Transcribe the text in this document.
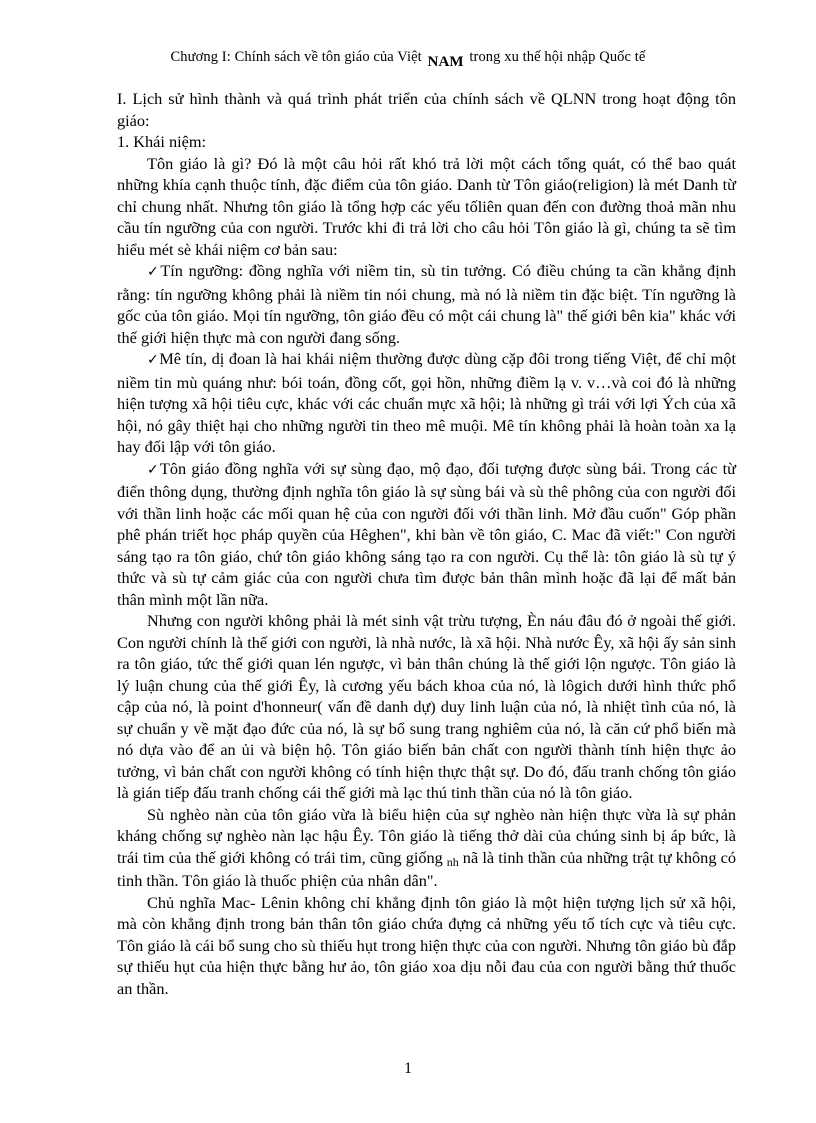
Chương I: Chính sách về tôn giáo của Việt NAM trong xu thế hội nhập Quốc tế

I. Lịch sử hình thành và quá trình phát triển của chính sách về QLNN trong hoạt động tôn giáo:

1. Khái niệm:

Tôn giáo là gì? Đó là một câu hỏi rất khó trả lời một cách tổng quát, có thể bao quát những khía cạnh thuộc tính, đặc điểm của tôn giáo. Danh từ Tôn giáo(religion) là mét Danh từ chỉ chung nhất. Nhưng tôn giáo là tổng hợp các yếu tốliên quan đến con đường thoả mãn nhu cầu tín ngưỡng của con người. Trước khi đi trả lời cho câu hỏi Tôn giáo là gì, chúng ta sẽ tìm hiểu mét sè khái niệm cơ bản sau:

✓Tín ngưỡng: đồng nghĩa với niềm tin, sù tin tưởng. Có điều chúng ta cần khẳng định rằng: tín ngưỡng không phải là niềm tin nói chung, mà nó là niềm tin đặc biệt. Tín ngưỡng là gốc của tôn giáo. Mọi tín ngưỡng, tôn giáo đều có một cái chung là" thế giới bên kia" khác với thế giới hiện thực mà con người đang sống.

✓Mê tín, dị đoan là hai khái niệm thường được dùng cặp đôi trong tiếng Việt, để chỉ một niềm tin mù quáng như: bói toán, đồng cốt, gọi hồn, những điềm lạ v. v…và coi đó là những hiện tượng xã hội tiêu cực, khác với các chuẩn mực xã hội; là những gì trái với lợi Ých của xã hội, nó gây thiệt hại cho những người tin theo mê muội. Mê tín không phải là hoàn toàn xa lạ hay đối lập với tôn giáo.

✓Tôn giáo đồng nghĩa với sự sùng đạo, mộ đạo, đối tượng được sùng bái. Trong các từ điển thông dụng, thường định nghĩa tôn giáo là sự sùng bái và sù thê phông của con người đối với thần linh hoặc các mối quan hệ của con người đối với thần linh. Mở đầu cuốn" Góp phần phê phán triết học pháp quyền của Hêghen", khi bàn về tôn giáo, C. Mac đã viết:" Con người sáng tạo ra tôn giáo, chứ tôn giáo không sáng tạo ra con người. Cụ thể là: tôn giáo là sù tự ý thức và sù tự cảm giác của con người chưa tìm được bản thân mình hoặc đã lại để mất bản thân mình một lần nữa.

Nhưng con người không phải là mét sinh vật trừu tượng, Èn náu đâu đó ở ngoài thế giới. Con người chính là thế giới con người, là nhà nước, là xã hội. Nhà nước Êy, xã hội ấy sản sinh ra tôn giáo, tức thế giới quan lén ngược, vì bản thân chúng là thế giới lộn ngược. Tôn giáo là lý luận chung của thế giới Êy, là cương yếu bách khoa của nó, là lôgich dưới hình thức phổ cập của nó, là point d'honneur( vấn đề danh dự) duy linh luận của nó, là nhiệt tình của nó, là sự chuẩn y về mặt đạo đức của nó, là sự bổ sung trang nghiêm của nó, là căn cứ phổ biến mà nó dựa vào để an ủi và biện hộ. Tôn giáo biến bản chất con người thành tính hiện thực ảo tưởng, vì bản chất con người không có tính hiện thực thật sự. Do đó, đấu tranh chống tôn giáo là gián tiếp đấu tranh chống cái thế giới mà lạc thú tinh thần của nó là tôn giáo.

Sù nghèo nàn của tôn giáo vừa là biểu hiện của sự nghèo nàn hiện thực vừa là sự phản kháng chống sự nghèo nàn lạc hậu Êy. Tôn giáo là tiếng thở dài của chúng sinh bị áp bức, là trái tim của thế giới không có trái tim, cũng giống nh nã là tinh thần của những trật tự không có tinh thần. Tôn giáo là thuốc phiện của nhân dân".

Chủ nghĩa Mac- Lênin không chỉ khẳng định tôn giáo là một hiện tượng lịch sử xã hội, mà còn khẳng định trong bản thân tôn giáo chứa đựng cả những yếu tố tích cực và tiêu cực. Tôn giáo là cái bổ sung cho sù thiếu hụt trong hiện thực của con người. Nhưng tôn giáo bù đắp sự thiếu hụt của hiện thực bằng hư ảo, tôn giáo xoa dịu nỗi đau của con người bằng thứ thuốc an thần.

1
